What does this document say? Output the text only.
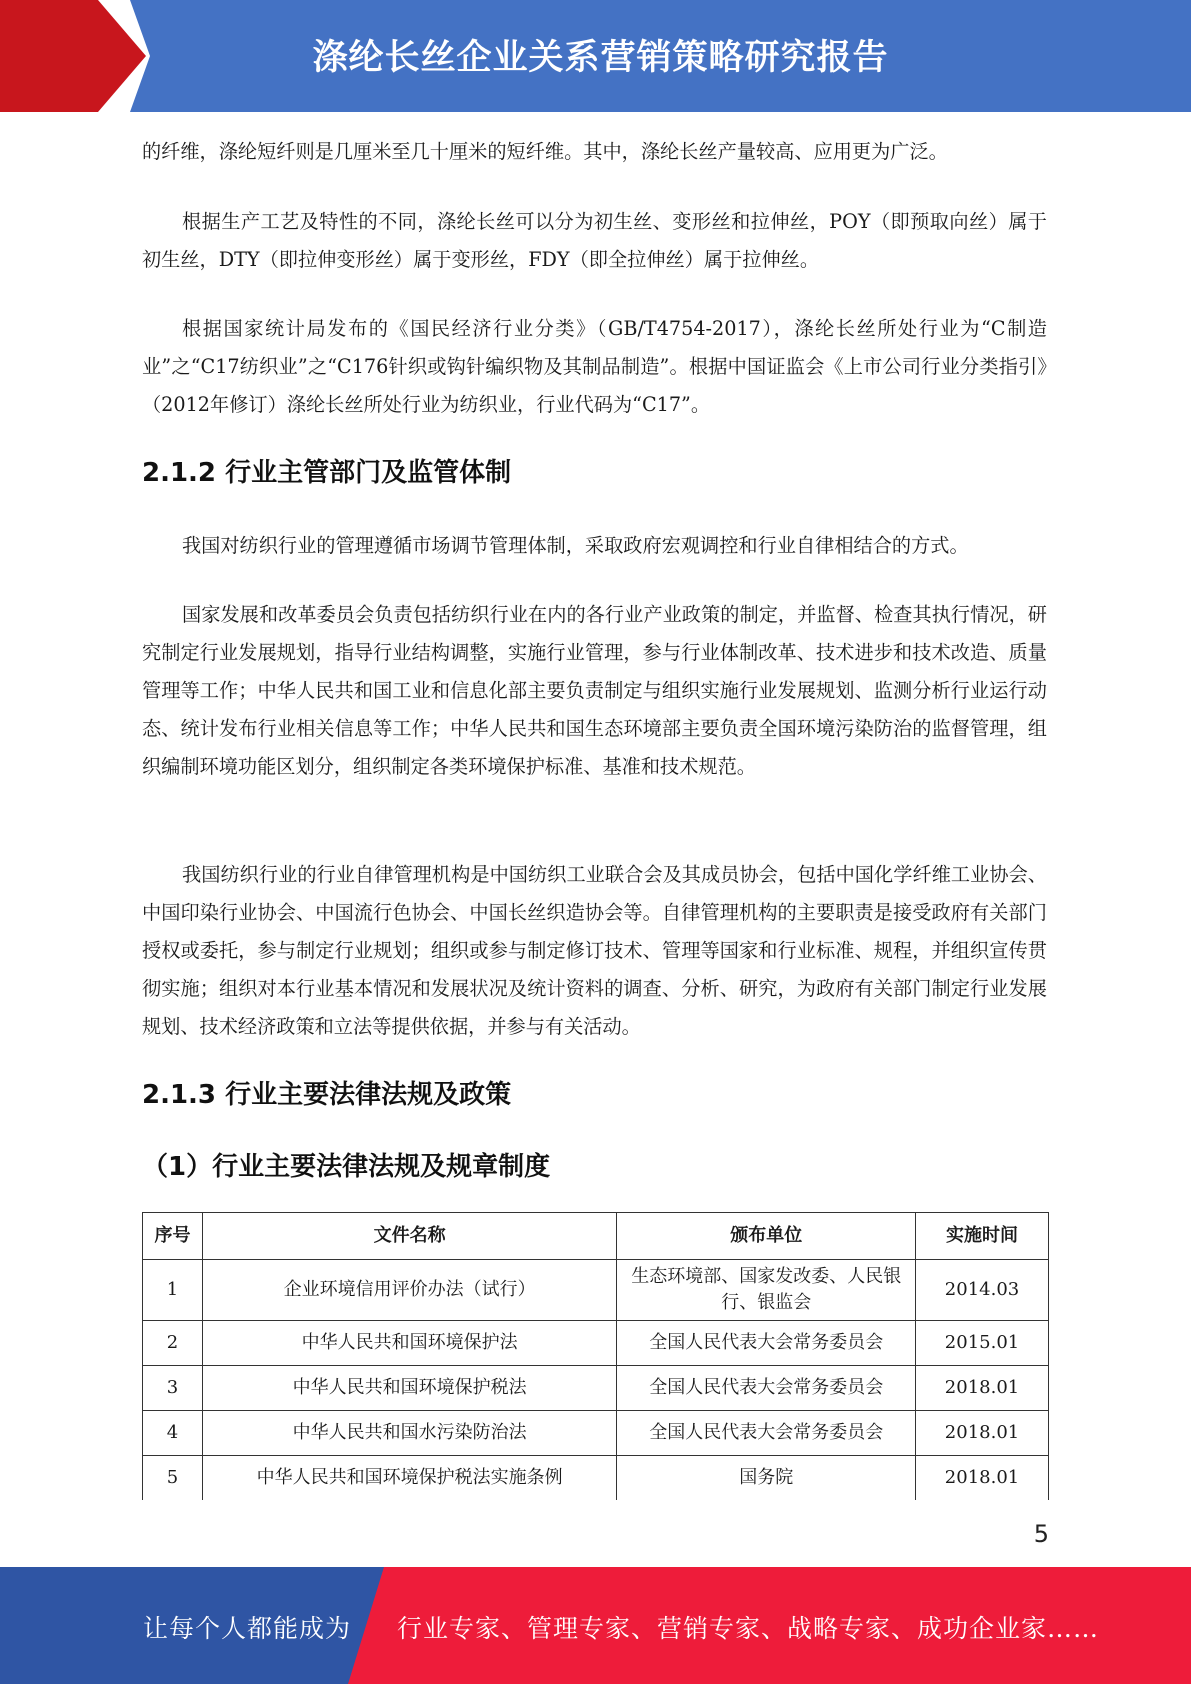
涤纶长丝企业关系营销策略研究报告

的纤维，涤纶短纤则是几厘米至几十厘米的短纤维。其中，涤纶长丝产量较高、应用更为广泛。

根据生产工艺及特性的不同，涤纶长丝可以分为初生丝、变形丝和拉伸丝，POY（即预取向丝）属于初生丝，DTY（即拉伸变形丝）属于变形丝，FDY（即全拉伸丝）属于拉伸丝。

根据国家统计局发布的《国民经济行业分类》（GB/T4754-2017），涤纶长丝所处行业为“C制造业”之“C17纺织业”之“C176针织或钩针编织物及其制品制造”。根据中国证监会《上市公司行业分类指引》（2012年修订）涤纶长丝所处行业为纺织业，行业代码为“C17”。

2.1.2 行业主管部门及监管体制

我国对纺织行业的管理遵循市场调节管理体制，采取政府宏观调控和行业自律相结合的方式。

国家发展和改革委员会负责包括纺织行业在内的各行业产业政策的制定，并监督、检查其执行情况，研究制定行业发展规划，指导行业结构调整，实施行业管理，参与行业体制改革、技术进步和技术改造、质量管理等工作；中华人民共和国工业和信息化部主要负责制定与组织实施行业发展规划、监测分析行业运行动态、统计发布行业相关信息等工作；中华人民共和国生态环境部主要负责全国环境污染防治的监督管理，组织编制环境功能区划分，组织制定各类环境保护标准、基准和技术规范。

我国纺织行业的行业自律管理机构是中国纺织工业联合会及其成员协会，包括中国化学纤维工业协会、中国印染行业协会、中国流行色协会、中国长丝织造协会等。自律管理机构的主要职责是接受政府有关部门授权或委托，参与制定行业规划；组织或参与制定修订技术、管理等国家和行业标准、规程，并组织宣传贯彻实施；组织对本行业基本情况和发展状况及统计资料的调查、分析、研究，为政府有关部门制定行业发展规划、技术经济政策和立法等提供依据，并参与有关活动。

2.1.3 行业主要法律法规及政策
（1）行业主要法律法规及规章制度
序号	文件名称	颁布单位	实施时间
1	企业环境信用评价办法（试行）	生态环境部、国家发改委、人民银行、银监会	2014.03
2	中华人民共和国环境保护法	全国人民代表大会常务委员会	2015.01
3	中华人民共和国环境保护税法	全国人民代表大会常务委员会	2018.01
4	中华人民共和国水污染防治法	全国人民代表大会常务委员会	2018.01
5	中华人民共和国环境保护税法实施条例	国务院	2018.01
5
让每个人都能成为 行业专家、管理专家、营销专家、战略专家、成功企业家……
